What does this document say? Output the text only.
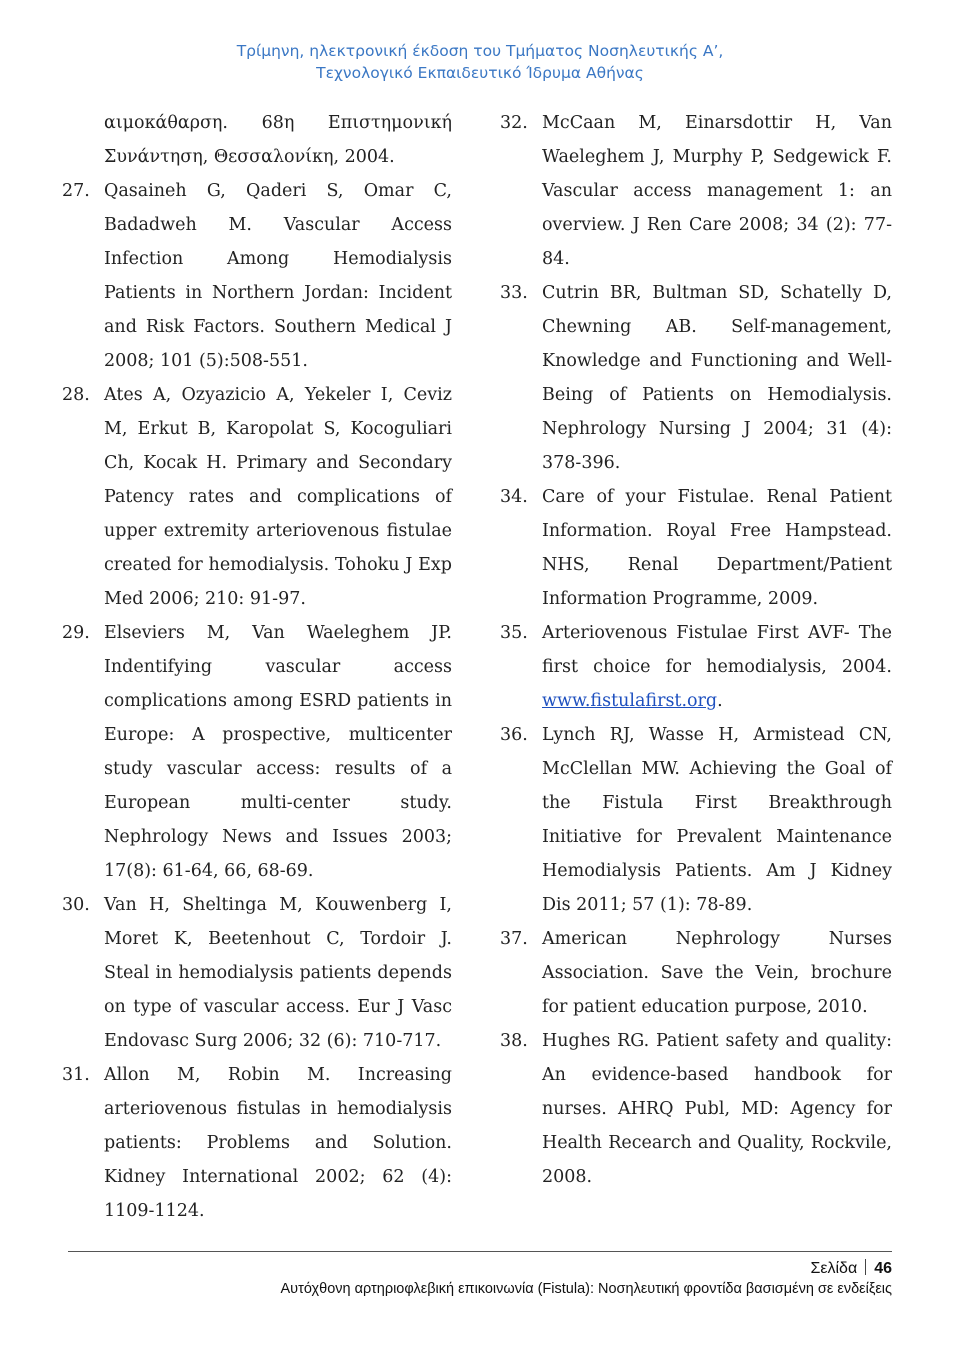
Τρίμηνη, ηλεκτρονική έκδοση του Τμήματος Νοσηλευτικής Α’,
Τεχνολογικό Εκπαιδευτικό Ίδρυμα Αθήνας
αιμοκάθαρση. 68η Επιστημονική Συνάντηση, Θεσσαλονίκη, 2004.
27. Qasaineh G, Qaderi S, Omar C, Badadweh M. Vascular Access Infection Among Hemodialysis Patients in Northern Jordan: Incident and Risk Factors. Southern Medical J 2008; 101 (5):508-551.
28. Ates A, Ozyazicio A, Yekeler I, Ceviz M, Erkut B, Karopolat S, Kocoguliari Ch, Kocak H. Primary and Secondary Patency rates and complications of upper extremity arteriovenous fistulae created for hemodialysis. Tohoku J Exp Med 2006; 210: 91-97.
29. Elseviers M, Van Waeleghem JP. Indentifying vascular access complications among ESRD patients in Europe: A prospective, multicenter study vascular access: results of a European multi-center study. Nephrology News and Issues 2003; 17(8): 61-64, 66, 68-69.
30. Van H, Sheltinga M, Kouwenberg I, Moret K, Beetenhout C, Tordoir J. Steal in hemodialysis patients depends on type of vascular access. Eur J Vasc Endovasc Surg 2006; 32 (6): 710-717.
31. Allon M, Robin M. Increasing arteriovenous fistulas in hemodialysis patients: Problems and Solution. Kidney International 2002; 62 (4): 1109-1124.
32. McCaan M, Einarsdottir H, Van Waeleghem J, Murphy P, Sedgewick F. Vascular access management 1: an overview. J Ren Care 2008; 34 (2): 77-84.
33. Cutrin BR, Bultman SD, Schatelly D, Chewning AB. Self-management, Knowledge and Functioning and Well-Being of Patients on Hemodialysis. Nephrology Nursing J 2004; 31 (4): 378-396.
34. Care of your Fistulae. Renal Patient Information. Royal Free Hampstead. NHS, Renal Department/Patient Information Programme, 2009.
35. Arteriovenous Fistulae First AVF- The first choice for hemodialysis, 2004. www.fistulafirst.org.
36. Lynch RJ, Wasse H, Armistead CN, McClellan MW. Achieving the Goal of the Fistula First Breakthrough Initiative for Prevalent Maintenance Hemodialysis Patients. Am J Kidney Dis 2011; 57 (1): 78-89.
37. American Nephrology Nurses Association. Save the Vein, brochure for patient education purpose, 2010.
38. Hughes RG. Patient safety and quality: An evidence-based handbook for nurses. AHRQ Publ, MD: Agency for Health Recearch and Quality, Rockvile, 2008.
Σελίδα 46
Αυτόχθονη αρτηριοφλεβική επικοινωνία (Fistula): Νοσηλευτική φροντίδα βασισμένη σε ενδείξεις
